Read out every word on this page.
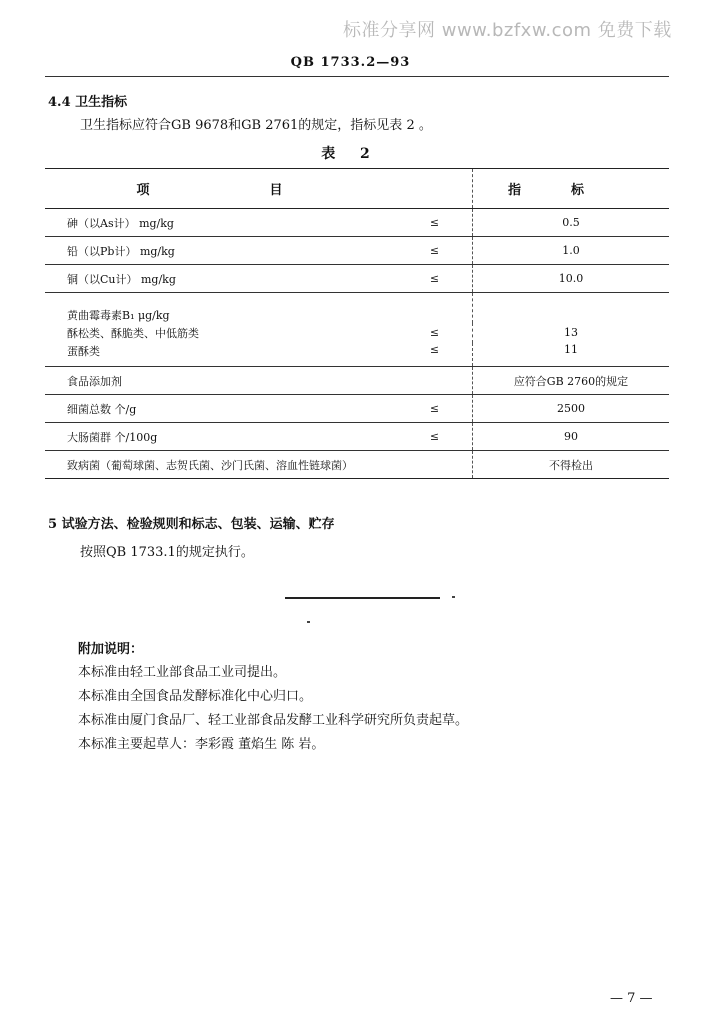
标准分享网 www.bzfxw.com 免费下载
QB 1733.2—93
4.4 卫生指标
卫生指标应符合GB 9678和GB 2761的规定，指标见表 2 。
表 2
项目		指标
砷（以As计） mg/kg	≤	0.5
铅（以Pb计） mg/kg	≤	1.0
铜（以Cu计） mg/kg	≤	10.0
黄曲霉毒素B₁ μg/kg		
酥松类、酥脆类、中低筋类	≤	13
蛋酥类	≤	11
食品添加剂		应符合GB 2760的规定
细菌总数 个/g	≤	2500
大肠菌群 个/100g	≤	90
致病菌（葡萄球菌、志贺氏菌、沙门氏菌、溶血性链球菌）		不得检出
5 试验方法、检验规则和标志、包装、运输、贮存
按照QB 1733.1的规定执行。
附加说明：
本标准由轻工业部食品工业司提出。
本标准由全国食品发酵标准化中心归口。
本标准由厦门食品厂、轻工业部食品发酵工业科学研究所负责起草。
本标准主要起草人：李彩霞 董焰生 陈 岩。
— 7 —
